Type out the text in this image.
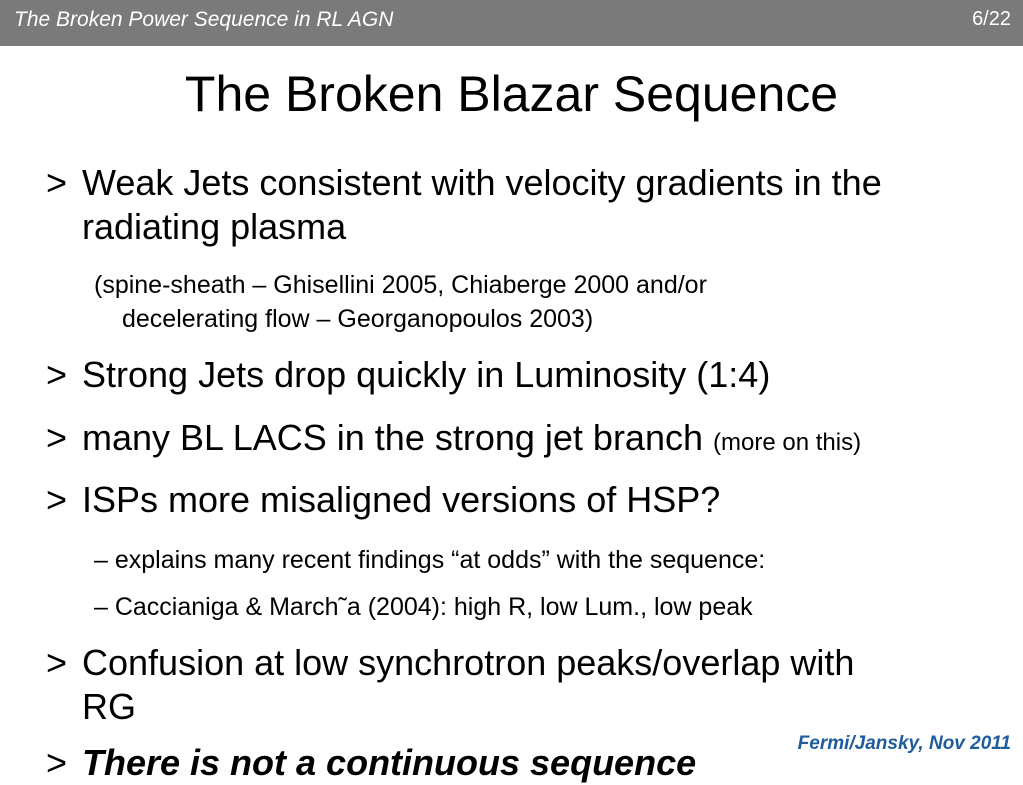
The Broken Power Sequence in RL AGN	6/22
The Broken Blazar Sequence
> Weak Jets consistent with velocity gradients in the
radiating plasma
(spine-sheath – Ghisellini 2005, Chiaberge 2000 and/or
decelerating flow – Georganopoulos 2003)
> Strong Jets drop quickly in Luminosity (1:4)
> many BL LACS in the strong jet branch (more on this)
> ISPs more misaligned versions of HSP?
– explains many recent findings “at odds” with the sequence:
– Caccianiga & March˜a (2004): high R, low Lum., low peak
> Confusion at low synchrotron peaks/overlap with
RG
> There is not a continuous sequence	Fermi/Jansky, Nov 2011
